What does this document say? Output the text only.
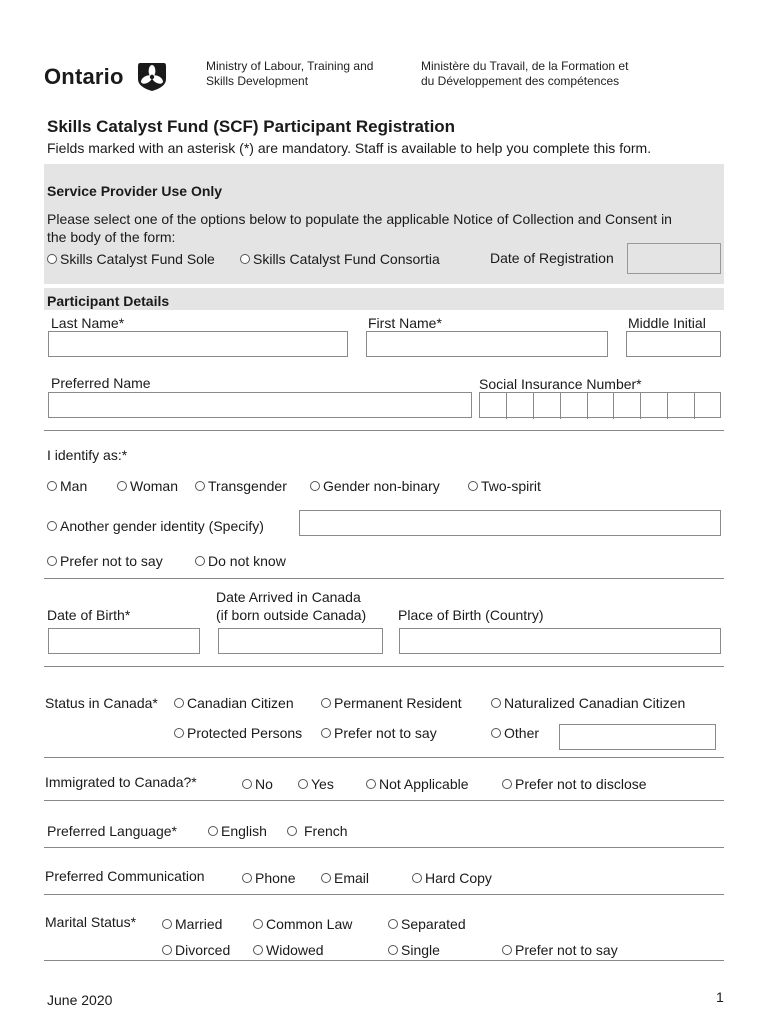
Ontario	Ministry of Labour, Training and
Skills Development
Ministère du Travail, de la Formation et
du Développement des compétences
Skills Catalyst Fund (SCF) Participant Registration
Fields marked with an asterisk (*) are mandatory. Staff is available to help you complete this form.
Service Provider Use Only
Please select one of the options below to populate the applicable Notice of Collection and Consent in
the body of the form:
Skills Catalyst Fund Sole	Skills Catalyst Fund Consortia	Date of Registration
Participant Details
Last Name*	First Name*	Middle Initial
Preferred Name	Social Insurance Number*
I identify as:*
Man	Woman Transgender	Gender non-binary	Two-spirit
Another gender identity (Specify)
Prefer not to say	Do not know
Date Arrived in Canada
(if born outside Canada)
Date of Birth*	Place of Birth (Country)
Status in Canada* Canadian Citizen	Permanent Resident	Naturalized Canadian Citizen
Protected Persons Prefer not to say	Other
Immigrated to Canada?*	No	Yes	Not Applicable	Prefer not to disclose
Preferred Language*	English	French
Preferred Communication	Phone	Email	Hard Copy
Marital Status*	Married	Common Law	Separated
Divorced	Widowed	Single	Prefer not to say
June 2020	1
